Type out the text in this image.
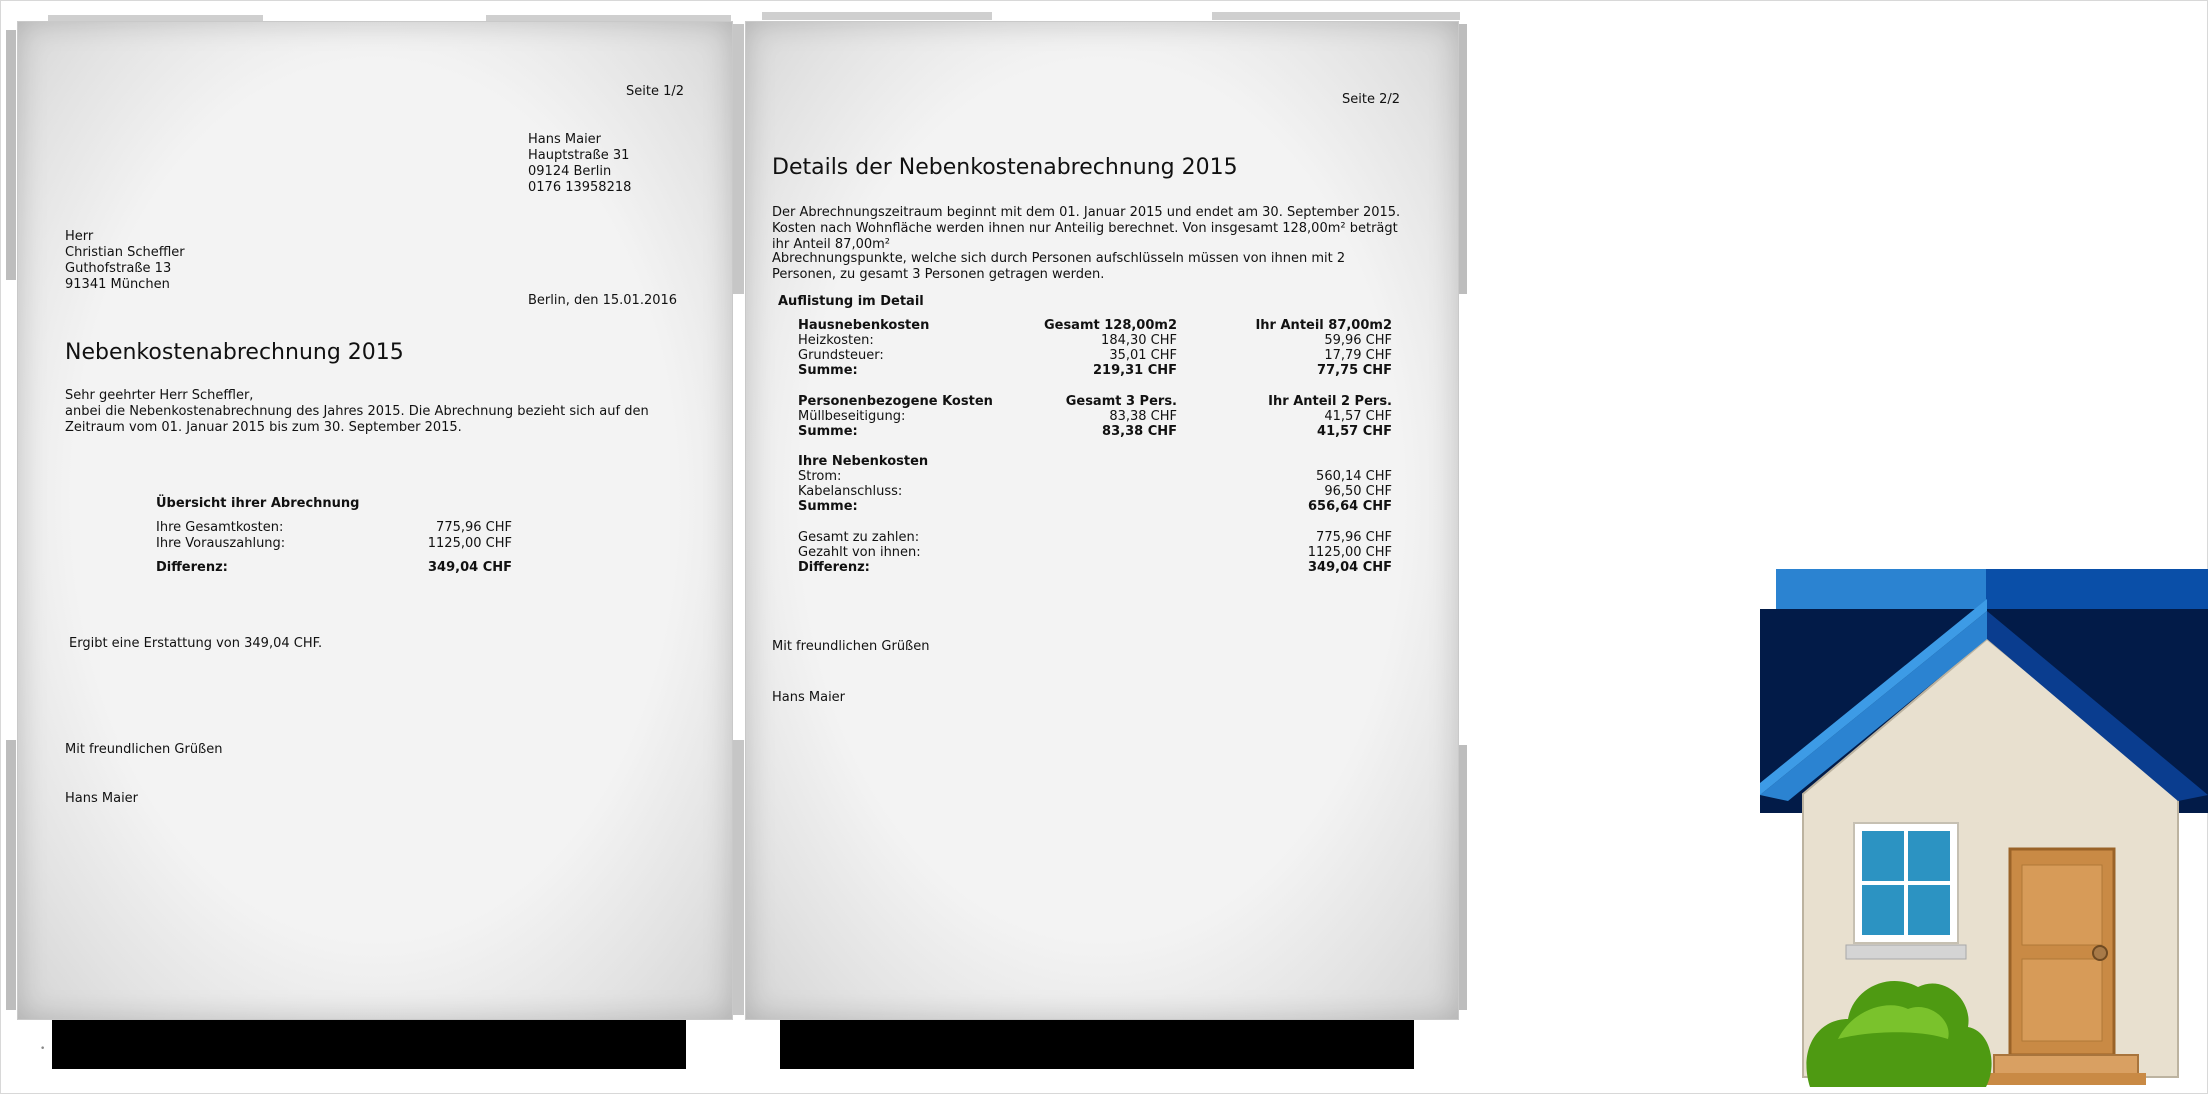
Seite 1/2
Hans Maier
Hauptstraße 31
09124 Berlin
0176 13958218
Herr
Christian Scheffler
Guthofstraße 13
91341 München
Berlin, den 15.01.2016
Nebenkostenabrechnung 2015
Sehr geehrter Herr Scheffler,
anbei die Nebenkostenabrechnung des Jahres 2015. Die Abrechnung bezieht sich auf den Zeitraum vom 01. Januar 2015 bis zum 30. September 2015.
Übersicht ihrer Abrechnung
Ihre Gesamtkosten:	775,96 CHF
Ihre Vorauszahlung:	1125,00 CHF
Differenz:	349,04 CHF
Ergibt eine Erstattung von 349,04 CHF.
Mit freundlichen Grüßen
Hans Maier
Seite 2/2
Details der Nebenkostenabrechnung 2015
Der Abrechnungszeitraum beginnt mit dem 01. Januar 2015 und endet am 30. September 2015. Kosten nach Wohnfläche werden ihnen nur Anteilig berechnet. Von insgesamt 128,00m² beträgt ihr Anteil 87,00m²
Abrechnungspunkte, welche sich durch Personen aufschlüsseln müssen von ihnen mit 2 Personen, zu gesamt 3 Personen getragen werden.
Auflistung im Detail
Hausnebenkosten	Gesamt 128,00m2	Ihr Anteil 87,00m2
Heizkosten:	184,30 CHF	59,96 CHF
Grundsteuer:	35,01 CHF	17,79 CHF
Summe:	219,31 CHF	77,75 CHF
Personenbezogene Kosten	Gesamt 3 Pers.	Ihr Anteil 2 Pers.
Müllbeseitigung:	83,38 CHF	41,57 CHF
Summe:	83,38 CHF	41,57 CHF
Ihre Nebenkosten
Strom:	560,14 CHF
Kabelanschluss:	96,50 CHF
Summe:	656,64 CHF
Gesamt zu zahlen:	775,96 CHF
Gezahlt von ihnen:	1125,00 CHF
Differenz:	349,04 CHF
Mit freundlichen Grüßen
Hans Maier
•
